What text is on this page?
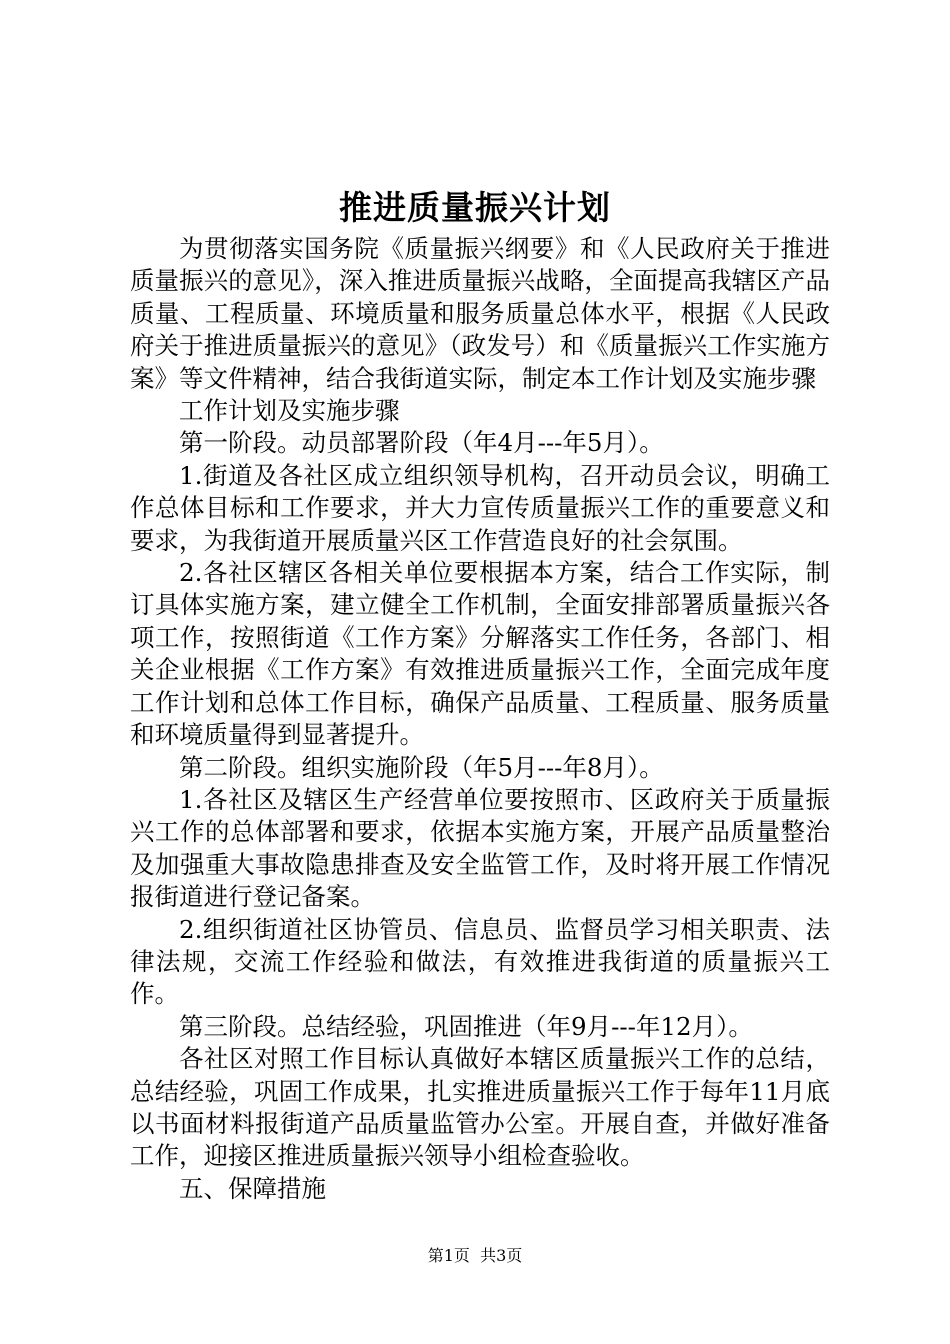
推进质量振兴计划

为贯彻落实国务院《质量振兴纲要》和《人民政府关于推进质量振兴的意见》，深入推进质量振兴战略，全面提高我辖区产品质量、工程质量、环境质量和服务质量总体水平，根据《人民政府关于推进质量振兴的意见》（政发号）和《质量振兴工作实施方案》等文件精神，结合我街道实际，制定本工作计划及实施步骤

工作计划及实施步骤

第一阶段。动员部署阶段（年4月---年5月）。

1.街道及各社区成立组织领导机构，召开动员会议，明确工作总体目标和工作要求，并大力宣传质量振兴工作的重要意义和要求，为我街道开展质量兴区工作营造良好的社会氛围。

2.各社区辖区各相关单位要根据本方案，结合工作实际，制订具体实施方案，建立健全工作机制，全面安排部署质量振兴各项工作，按照街道《工作方案》分解落实工作任务，各部门、相关企业根据《工作方案》有效推进质量振兴工作，全面完成年度工作计划和总体工作目标，确保产品质量、工程质量、服务质量和环境质量得到显著提升。

第二阶段。组织实施阶段（年5月---年8月）。

1.各社区及辖区生产经营单位要按照市、区政府关于质量振兴工作的总体部署和要求，依据本实施方案，开展产品质量整治及加强重大事故隐患排查及安全监管工作，及时将开展工作情况报街道进行登记备案。

2.组织街道社区协管员、信息员、监督员学习相关职责、法律法规，交流工作经验和做法，有效推进我街道的质量振兴工作。

第三阶段。总结经验，巩固推进（年9月---年12月）。

各社区对照工作目标认真做好本辖区质量振兴工作的总结，总结经验，巩固工作成果，扎实推进质量振兴工作于每年11月底以书面材料报街道产品质量监管办公室。开展自查，并做好准备工作，迎接区推进质量振兴领导小组检查验收。

五、保障措施

第1页 共3页
